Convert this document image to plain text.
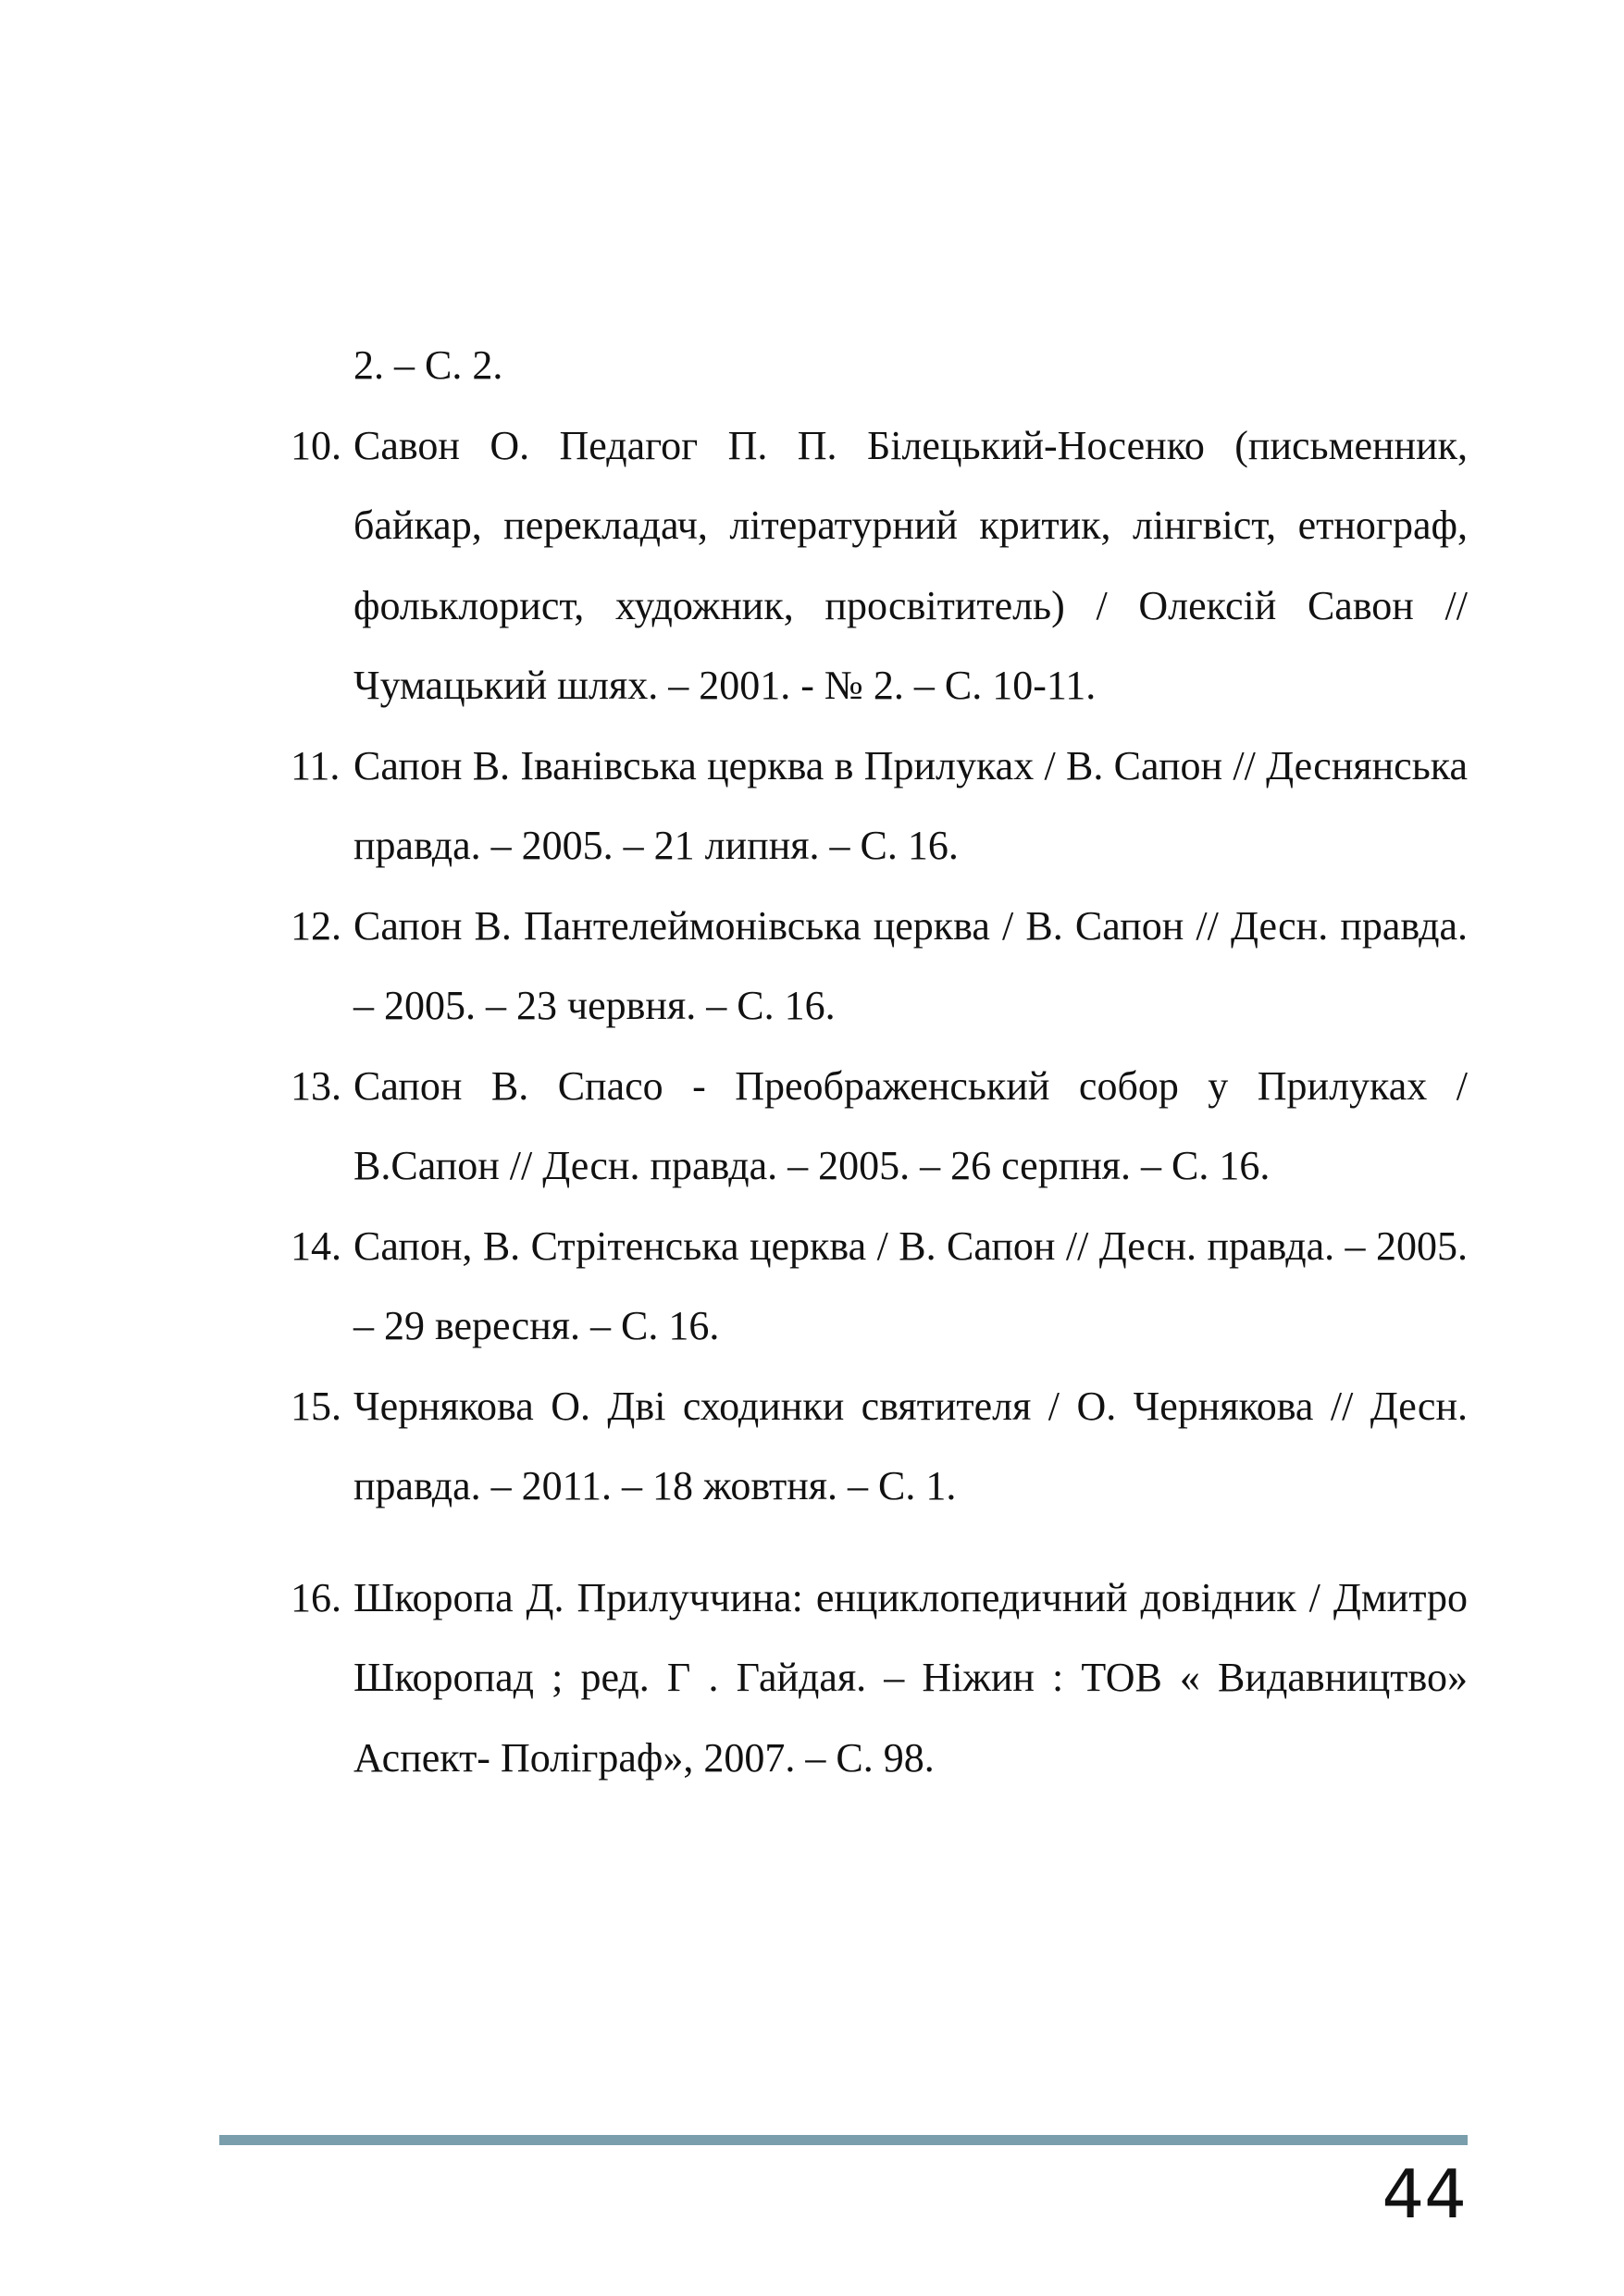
2. – С. 2.

10. Савон О. Педагог П. П. Білецький-Носенко (письменник, байкар, перекладач, літературний критик, лінгвіст, етнограф, фольклорист, художник, просвітитель) / Олексій Савон // Чумацький шлях. – 2001. - № 2. – С. 10-11.
11. Сапон В. Іванівська церква в Прилуках / В. Сапон // Деснянська правда. – 2005. – 21 липня. – С. 16.
12. Сапон В. Пантелеймонівська церква / В. Сапон // Десн. правда. – 2005. – 23 червня. – С. 16.
13. Сапон В. Спасо - Преображенський собор у Прилуках / В.Сапон // Десн. правда. – 2005. – 26 серпня. – С. 16.
14. Сапон, В. Стрітенська церква / В. Сапон // Десн. правда. – 2005. – 29 вересня. – С. 16.
15. Чернякова О. Дві сходинки святителя / О. Чернякова // Десн. правда. – 2011. – 18 жовтня. – С. 1.
16. Шкоропа Д. Прилуччина: енциклопедичний довідник / Дмитро Шкоропад ; ред. Г . Гайдая. – Ніжин : ТОВ « Видавництво» Аспект- Поліграф», 2007. – С. 98.
44
